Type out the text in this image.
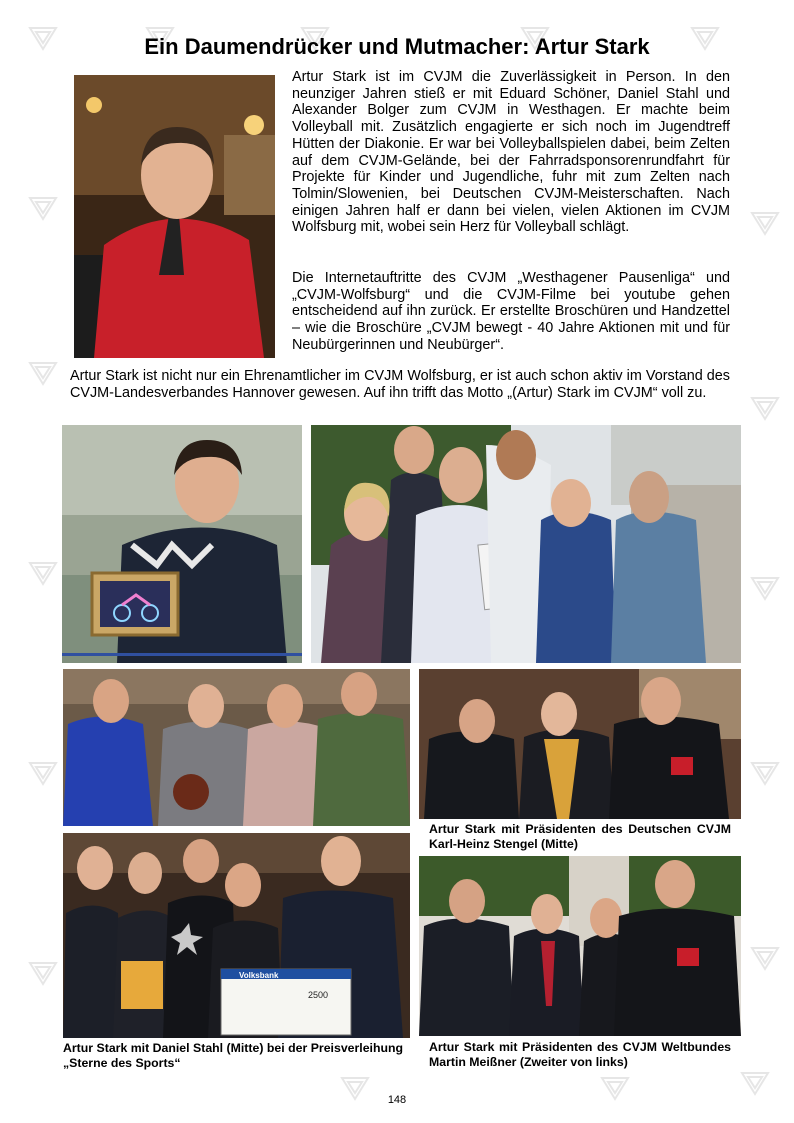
Ein Daumendrücker und Mutmacher: Artur Stark

Artur Stark ist im CVJM die Zuverlässigkeit in Person. In den neunziger Jahren stieß er mit Eduard Schöner, Daniel Stahl und Alexander Bolger zum CVJM in Westhagen. Er machte beim Volleyball mit. Zusätzlich engagierte er sich noch im Jugendtreff Hütten der Diakonie. Er war bei Volleyballspielen dabei, beim Zelten auf dem CVJM-Gelände, bei der Fahrradsponsorenrundfahrt für Projekte für Kinder und Jugendliche, fuhr mit zum Zelten nach Tolmin/Slowenien, bei Deutschen CVJM-Meisterschaften. Nach einigen Jahren half er dann bei vielen, vielen Aktionen im CVJM Wolfsburg mit, wobei sein Herz für Volleyball schlägt.

Die Internetauftritte des CVJM „Westhagener Pausenliga“ und „CVJM-Wolfsburg“ und die CVJM-Filme bei youtube gehen entscheidend auf ihn zurück. Er erstellte Broschüren und Handzettel – wie die Broschüre „CVJM bewegt - 40 Jahre Aktionen mit und für Neubürgerinnen und Neubürger“.

Artur Stark ist nicht nur ein Ehrenamtlicher im CVJM Wolfsburg, er ist auch schon aktiv im Vorstand des CVJM-Landesverbandes Hannover gewesen. Auf ihn trifft das Motto „(Artur) Stark im CVJM“ voll zu.

Artur Stark mit Präsidenten des Deutschen CVJM Karl-Heinz Stengel (Mitte)

Volksbank
2500

Artur Stark mit Daniel Stahl (Mitte) bei der Preisverleihung „Sterne des Sports“

Artur Stark mit Präsidenten des CVJM Weltbundes Martin Meißner (Zweiter von links)

148
